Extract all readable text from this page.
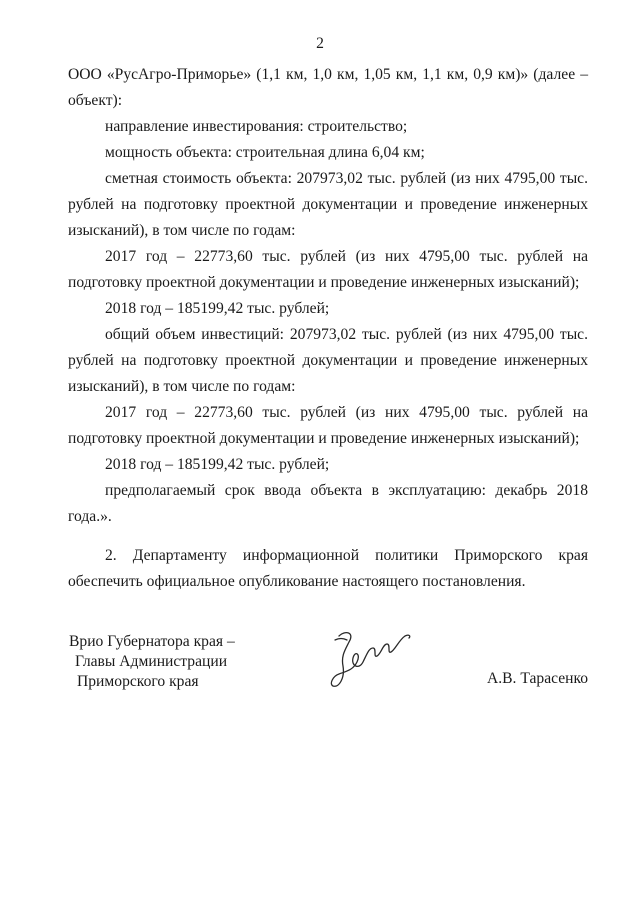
2

ООО «РусАгро-Приморье» (1,1 км, 1,0 км, 1,05 км, 1,1 км, 0,9 км)» (далее – объект):

направление инвестирования: строительство;

мощность объекта: строительная длина 6,04 км;

сметная стоимость объекта: 207973,02 тыс. рублей (из них 4795,00 тыс. рублей на подготовку проектной документации и проведение инженерных изысканий), в том числе по годам:

2017 год – 22773,60 тыс. рублей (из них 4795,00 тыс. рублей на подготовку проектной документации и проведение инженерных изысканий);

2018 год – 185199,42 тыс. рублей;

общий объем инвестиций: 207973,02 тыс. рублей (из них 4795,00 тыс. рублей на подготовку проектной документации и проведение инженерных изысканий), в том числе по годам:

2017 год – 22773,60 тыс. рублей (из них 4795,00 тыс. рублей на подготовку проектной документации и проведение инженерных изысканий);

2018 год – 185199,42 тыс. рублей;

предполагаемый срок ввода объекта в эксплуатацию: декабрь 2018 года.».

2. Департаменту информационной политики Приморского края обеспечить официальное опубликование настоящего постановления.

Врио Губернатора края –
Главы Администрации
Приморского края	А.В. Тарасенко
